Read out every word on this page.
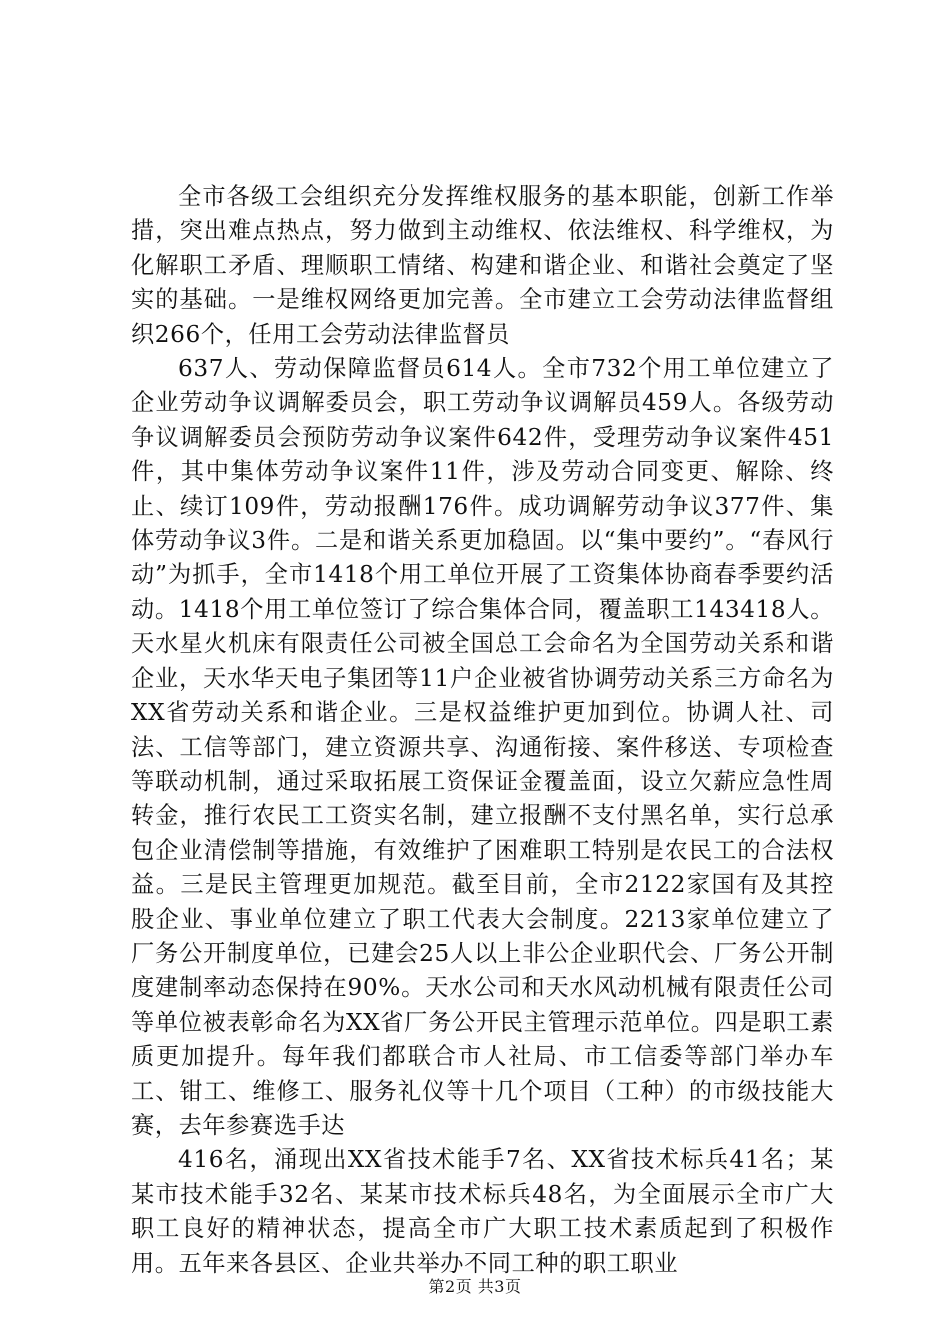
全市各级工会组织充分发挥维权服务的基本职能，创新工作举措，突出难点热点，努力做到主动维权、依法维权、科学维权，为化解职工矛盾、理顺职工情绪、构建和谐企业、和谐社会奠定了坚实的基础。一是维权网络更加完善。全市建立工会劳动法律监督组织266个，任用工会劳动法律监督员

637人、劳动保障监督员614人。全市732个用工单位建立了企业劳动争议调解委员会，职工劳动争议调解员459人。各级劳动争议调解委员会预防劳动争议案件642件，受理劳动争议案件451件，其中集体劳动争议案件11件，涉及劳动合同变更、解除、终止、续订109件，劳动报酬176件。成功调解劳动争议377件、集体劳动争议3件。二是和谐关系更加稳固。以“集中要约”。“春风行动”为抓手，全市1418个用工单位开展了工资集体协商春季要约活动。1418个用工单位签订了综合集体合同，覆盖职工143418人。天水星火机床有限责任公司被全国总工会命名为全国劳动关系和谐企业，天水华天电子集团等11户企业被省协调劳动关系三方命名为XX省劳动关系和谐企业。三是权益维护更加到位。协调人社、司法、工信等部门，建立资源共享、沟通衔接、案件移送、专项检查等联动机制，通过采取拓展工资保证金覆盖面，设立欠薪应急性周转金，推行农民工工资实名制，建立报酬不支付黑名单，实行总承包企业清偿制等措施，有效维护了困难职工特别是农民工的合法权益。三是民主管理更加规范。截至目前，全市2122家国有及其控股企业、事业单位建立了职工代表大会制度。2213家单位建立了厂务公开制度单位，已建会25人以上非公企业职代会、厂务公开制度建制率动态保持在90%。天水公司和天水风动机械有限责任公司等单位被表彰命名为XX省厂务公开民主管理示范单位。四是职工素质更加提升。每年我们都联合市人社局、市工信委等部门举办车工、钳工、维修工、服务礼仪等十几个项目（工种）的市级技能大赛，去年参赛选手达

416名，涌现出XX省技术能手7名、XX省技术标兵41名；某某市技术能手32名、某某市技术标兵48名，为全面展示全市广大职工良好的精神状态，提高全市广大职工技术素质起到了积极作用。五年来各县区、企业共举办不同工种的职工职业

第2页 共3页
